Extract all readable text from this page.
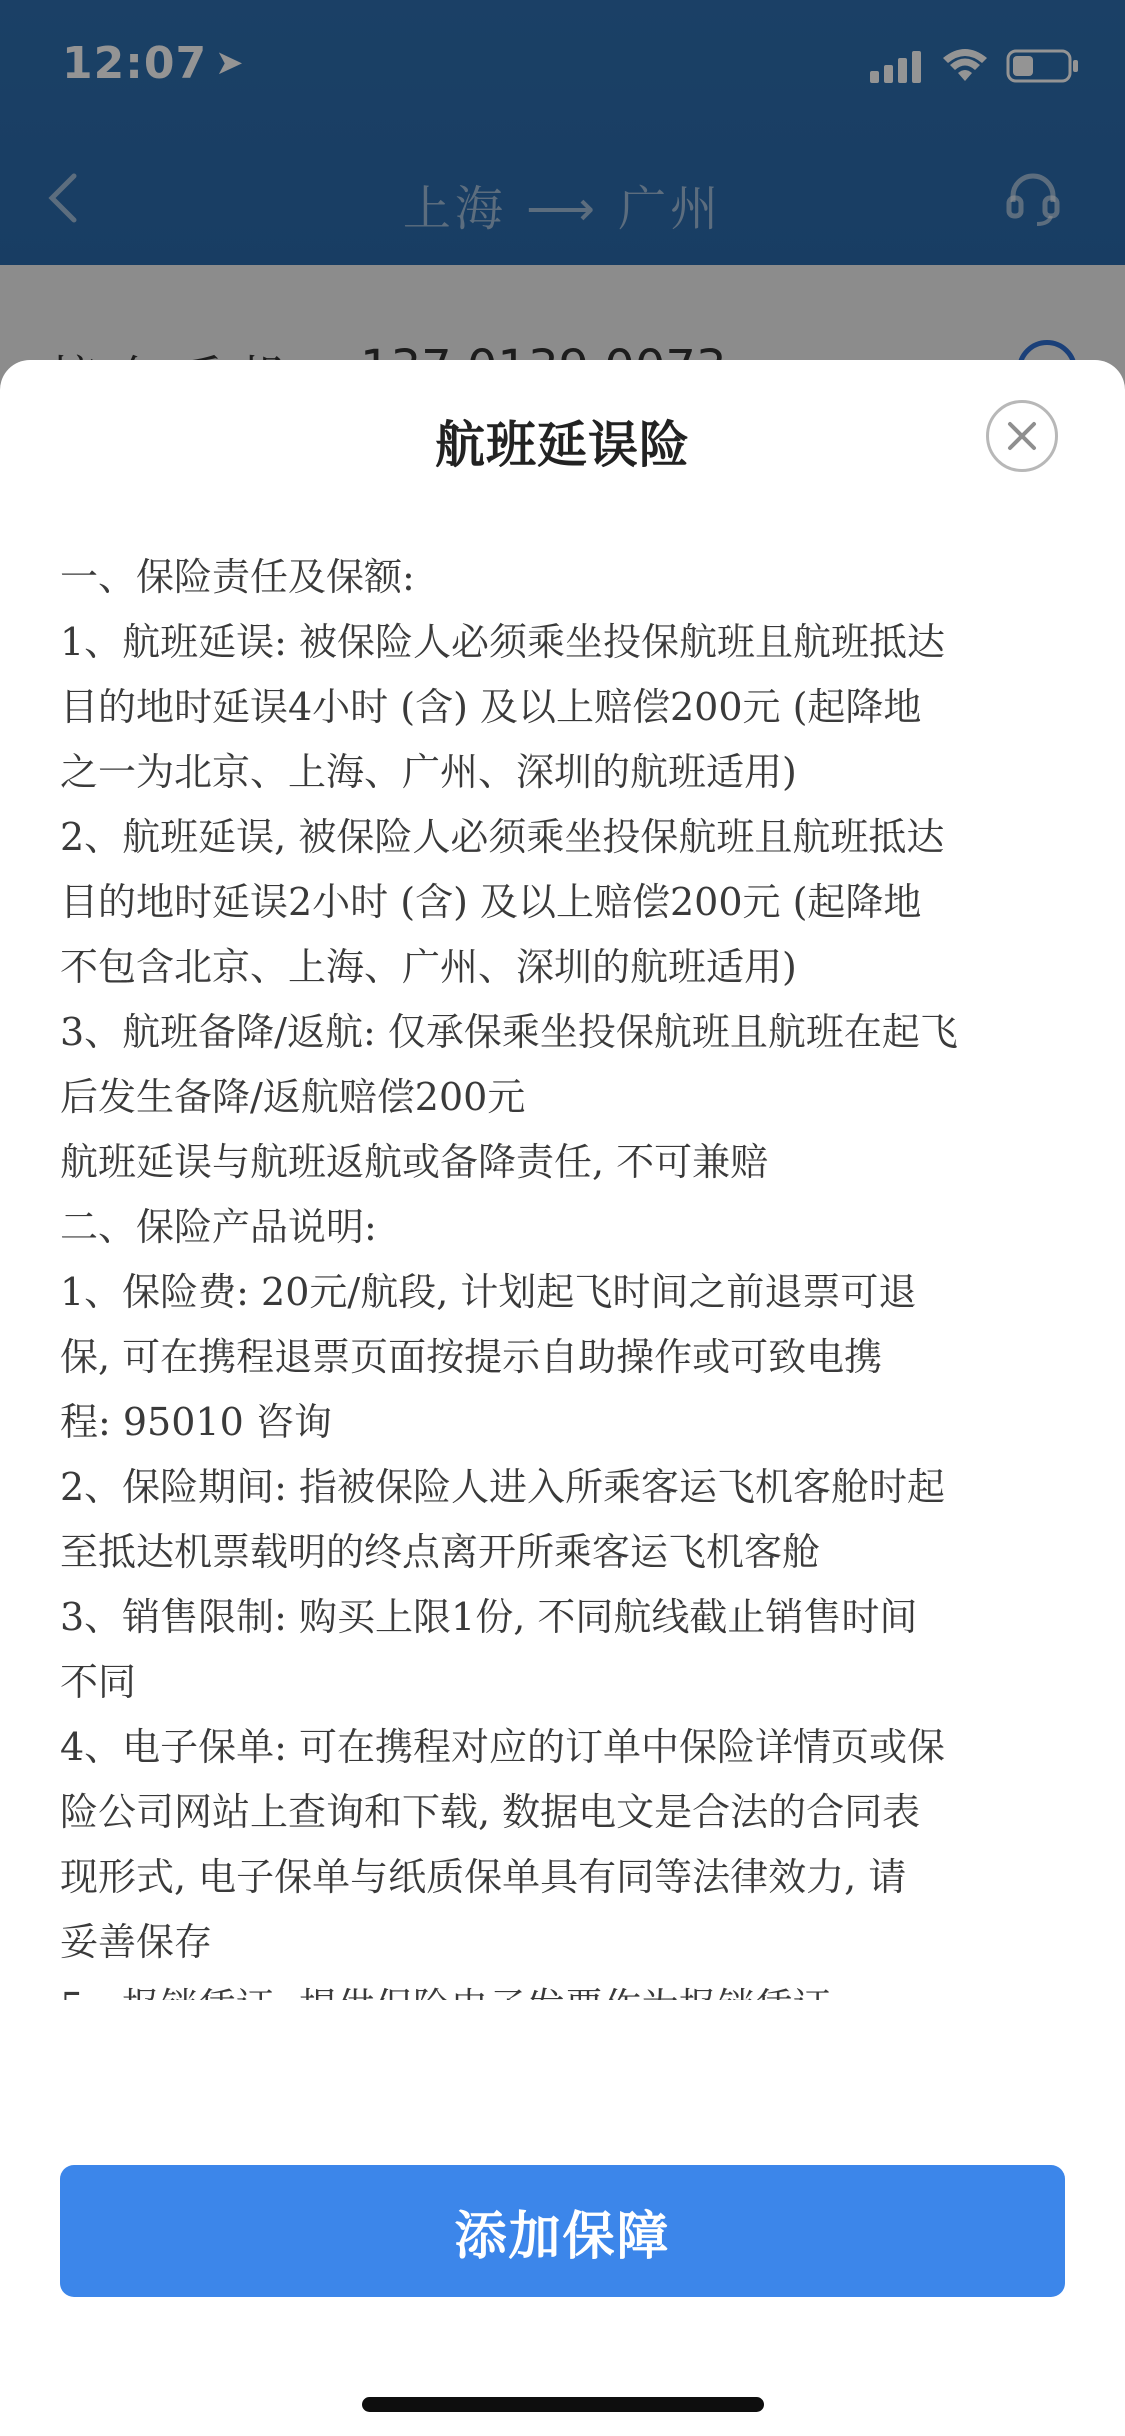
12:07 ➤
上海 ⟶ 广州
航班延误险
一、保险责任及保额:
1、航班延误: 被保险人必须乘坐投保航班且航班抵达
目的地时延误4小时 (含) 及以上赔偿200元 (起降地
之一为北京、上海、广州、深圳的航班适用)
2、航班延误, 被保险人必须乘坐投保航班且航班抵达
目的地时延误2小时 (含) 及以上赔偿200元 (起降地
不包含北京、上海、广州、深圳的航班适用)
3、航班备降/返航: 仅承保乘坐投保航班且航班在起飞
后发生备降/返航赔偿200元
航班延误与航班返航或备降责任, 不可兼赔
二、保险产品说明:
1、保险费: 20元/航段, 计划起飞时间之前退票可退
保, 可在携程退票页面按提示自助操作或可致电携
程: 95010 咨询
2、保险期间: 指被保险人进入所乘客运飞机客舱时起
至抵达机票载明的终点离开所乘客运飞机客舱
3、销售限制: 购买上限1份, 不同航线截止销售时间
不同
4、电子保单: 可在携程对应的订单中保险详情页或保
险公司网站上查询和下载, 数据电文是合法的合同表
现形式, 电子保单与纸质保单具有同等法律效力, 请
妥善保存
添加保障
